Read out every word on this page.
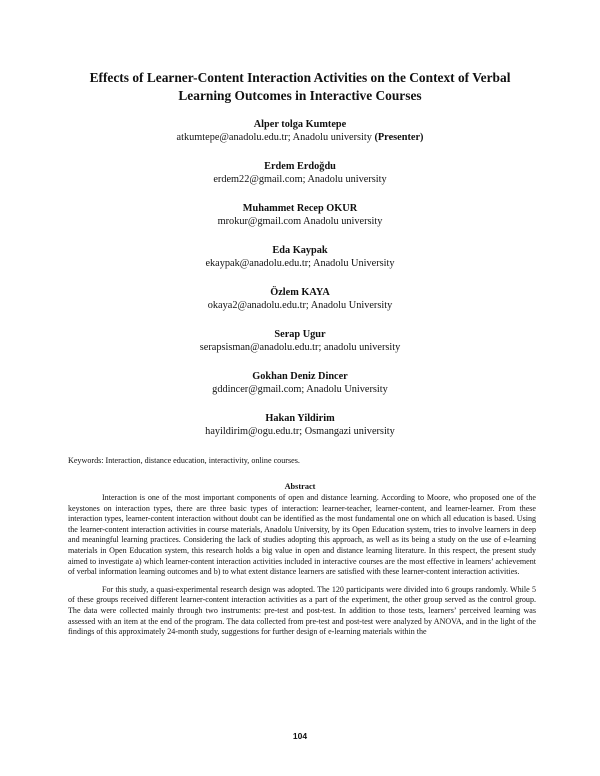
Effects of Learner-Content Interaction Activities on the Context of Verbal
Learning Outcomes in Interactive Courses
Alper tolga Kumtepe
atkumtepe@anadolu.edu.tr; Anadolu university (Presenter)
Erdem Erdoğdu
erdem22@gmail.com; Anadolu university
Muhammet Recep OKUR
mrokur@gmail.com Anadolu university
Eda Kaypak
ekaypak@anadolu.edu.tr; Anadolu University
Özlem KAYA
okaya2@anadolu.edu.tr; Anadolu University
Serap Ugur
serapsisman@anadolu.edu.tr; anadolu university
Gokhan Deniz Dincer
gddincer@gmail.com; Anadolu University
Hakan Yildirim
hayildirim@ogu.edu.tr; Osmangazi university
Keywords: Interaction, distance education, interactivity, online courses.
Abstract

Interaction is one of the most important components of open and distance learning. According to Moore, who proposed one of the keystones on interaction types, there are three basic types of interaction: learner-teacher, learner-content, and learner-learner. From these interaction types, learner-content interaction without doubt can be identified as the most fundamental one on which all education is based. Using the learner-content interaction activities in course materials, Anadolu University, by its Open Education system, tries to involve learners in deep and meaningful learning practices. Considering the lack of studies adopting this approach, as well as its being a study on the use of e-learning materials in Open Education system, this research holds a big value in open and distance learning literature. In this respect, the present study aimed to investigate a) which learner-content interaction activities included in interactive courses are the most effective in learners’ achievement of verbal information learning outcomes and b) to what extent distance learners are satisfied with these learner-content interaction activities.

For this study, a quasi-experimental research design was adopted. The 120 participants were divided into 6 groups randomly. While 5 of these groups received different learner-content interaction activities as a part of the experiment, the other group served as the control group. The data were collected mainly through two instruments: pre-test and post-test. In addition to those tests, learners’ perceived learning was assessed with an item at the end of the program. The data collected from pre-test and post-test were analyzed by ANOVA, and in the light of the findings of this approximately 24-month study, suggestions for further design of e-learning materials within the

104
